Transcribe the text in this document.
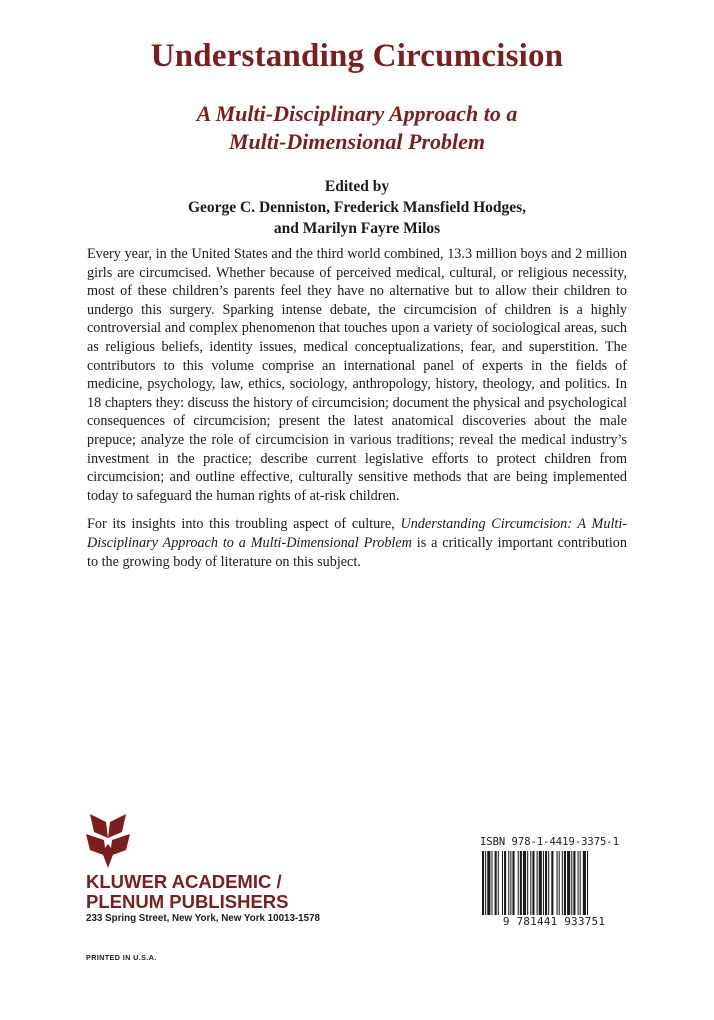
Understanding Circumcision
A Multi-Disciplinary Approach to a
Multi-Dimensional Problem
Edited by
George C. Denniston, Frederick Mansfield Hodges,
and Marilyn Fayre Milos

Every year, in the United States and the third world combined, 13.3 million boys and 2 million girls are circumcised. Whether because of perceived medical, cultural, or religious necessity, most of these children’s parents feel they have no alternative but to allow their children to undergo this surgery. Sparking intense debate, the circumcision of children is a highly controversial and complex phenomenon that touches upon a variety of sociological areas, such as religious beliefs, identity issues, medical conceptualizations, fear, and superstition. The contributors to this volume comprise an international panel of experts in the fields of medicine, psychology, law, ethics, sociology, anthropology, history, theology, and politics. In 18 chapters they: discuss the history of circumcision; document the physical and psychological consequences of circumcision; present the latest anatomical discoveries about the male prepuce; analyze the role of circumcision in various traditions; reveal the medical industry’s investment in the practice; describe current legislative efforts to protect children from circumcision; and outline effective, culturally sensitive methods that are being implemented today to safeguard the human rights of at-risk children.

For its insights into this troubling aspect of culture, Understanding Circumcision: A Multi-Disciplinary Approach to a Multi-Dimensional Problem is a critically important contribution to the growing body of literature on this subject.

KLUWER ACADEMIC /
PLENUM PUBLISHERS
233 Spring Street, New York, New York 10013-1578
PRINTED IN U.S.A.
ISBN 978-1-4419-3375-1
9 781441 933751
